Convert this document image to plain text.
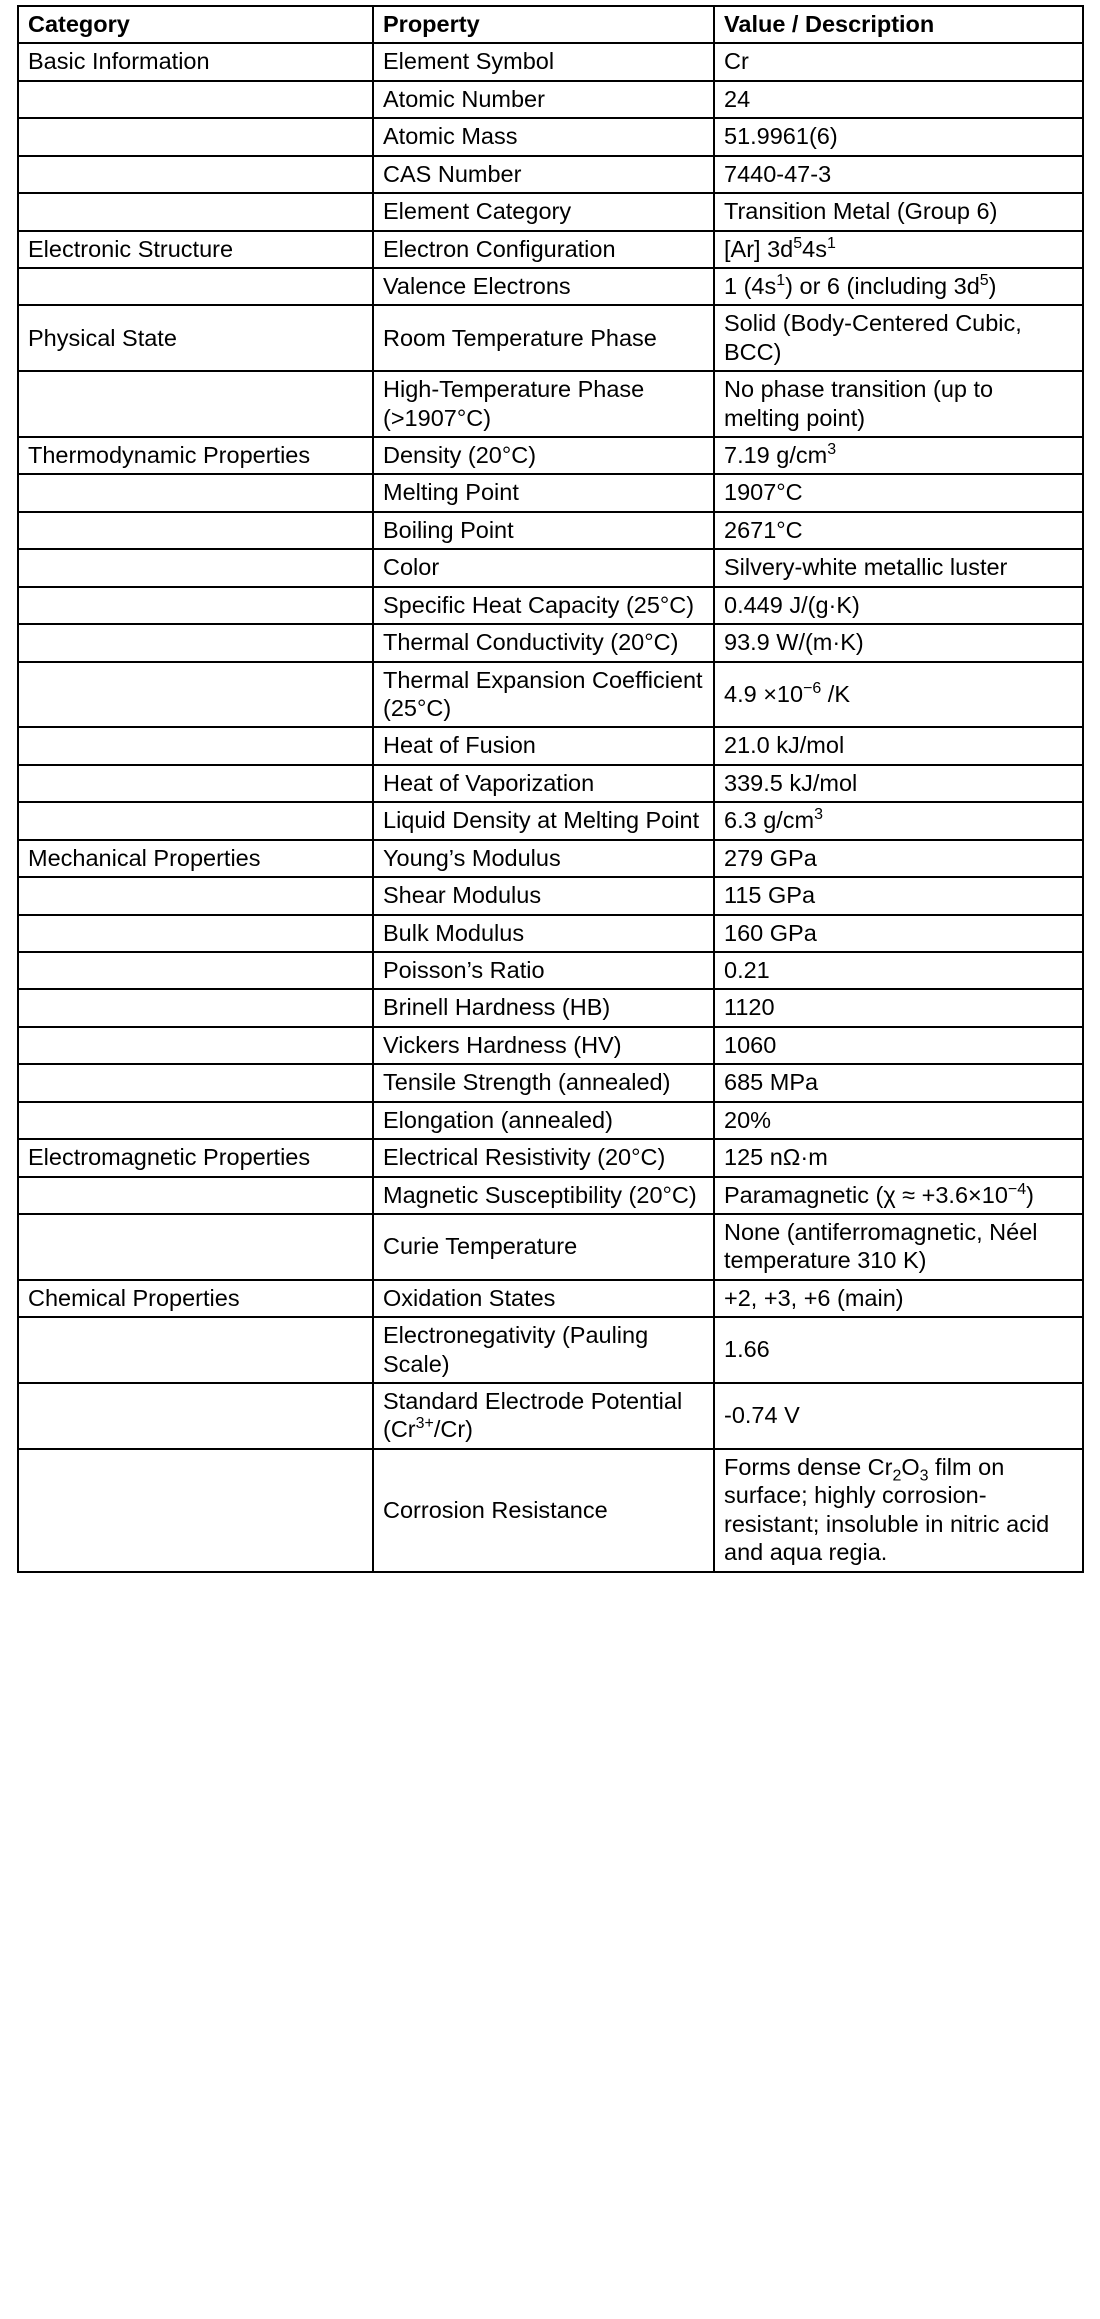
Category	Property	Value / Description
Basic Information	Element Symbol	Cr
	Atomic Number	24
	Atomic Mass	51.9961(6)
	CAS Number	7440-47-3
	Element Category	Transition Metal (Group 6)
Electronic Structure	Electron Configuration	[Ar] $3d^54s^1$
	Valence Electrons	1 $(4s^1)$ or 6 (including $3d^5$)
Physical State	Room Temperature Phase	Solid (Body-Centered Cubic, BCC)
	High-Temperature Phase (>1907°C)	No phase transition (up to melting point)
Thermodynamic Properties	Density (20°C)	7.19 $g/cm^3$
	Melting Point	1907°C
	Boiling Point	2671°C
	Color	Silvery-white metallic luster
	Specific Heat Capacity (25°C)	0.449 J/(g·K)
	Thermal Conductivity (20°C)	93.9 W/(m·K)
	Thermal Expansion Coefficient (25°C)	$4.9 \times 10^{-6}$ /K
	Heat of Fusion	21.0 kJ/mol
	Heat of Vaporization	339.5 kJ/mol
	Liquid Density at Melting Point	6.3 $g/cm^3$
Mechanical Properties	Young’s Modulus	279 GPa
	Shear Modulus	115 GPa
	Bulk Modulus	160 GPa
	Poisson’s Ratio	0.21
	Brinell Hardness (HB)	1120
	Vickers Hardness (HV)	1060
	Tensile Strength (annealed)	685 MPa
	Elongation (annealed)	20%
Electromagnetic Properties	Electrical Resistivity (20°C)	125 nΩ·m
	Magnetic Susceptibility (20°C)	Paramagnetic $(\chi \approx +3.6\times 10^{-4})$
	Curie Temperature	None (antiferromagnetic, Néel temperature 310 K)
Chemical Properties	Oxidation States	+2, +3, +6 (main)
	Electronegativity (Pauling Scale)	1.66
	Standard Electrode Potential $(Cr^{3+}/Cr)$	-0.74 V
	Corrosion Resistance	Forms dense $Cr_2O_3$ film on surface; highly corrosion-resistant; insoluble in nitric acid and aqua regia.
